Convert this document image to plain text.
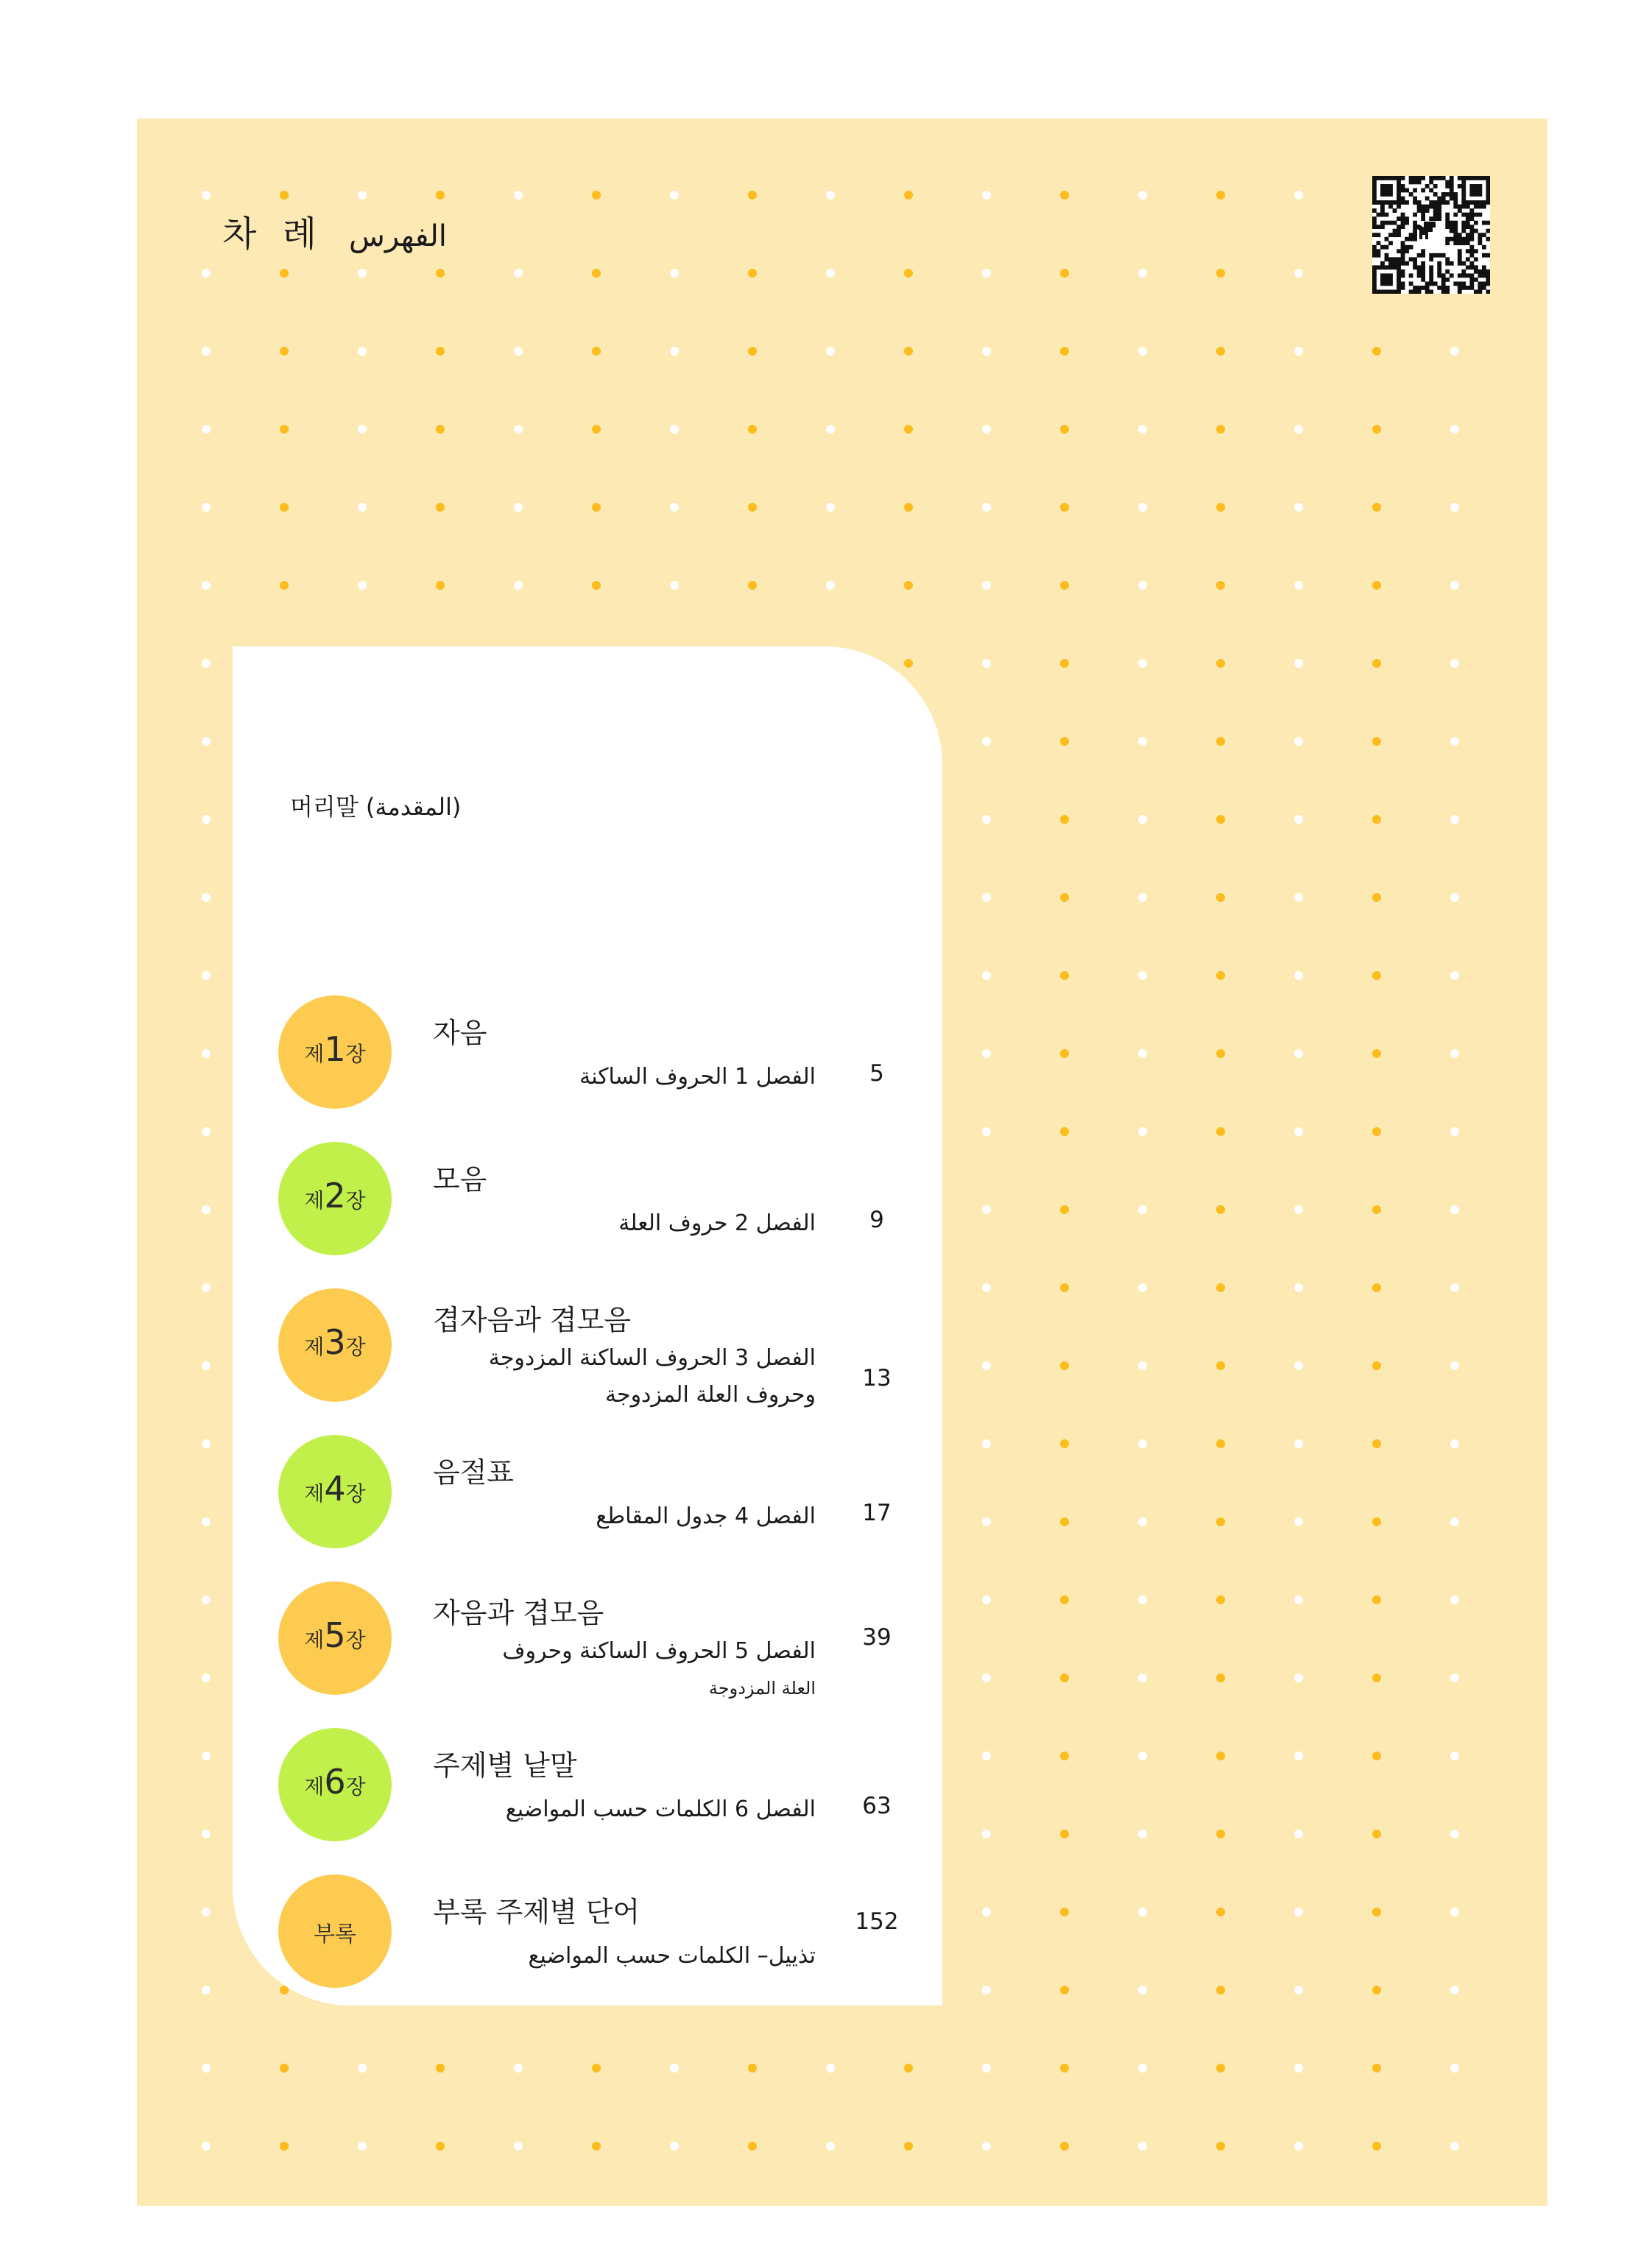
차 례 الفهرس
머리말 (المقدمة)
제 1 장
자음
الفصل 1 الحروف الساكنة	5
제 2 장
모음
الفصل 2 حروف العلة	9
제 3 장
겹자음과 겹모음
الفصل 3 الحروف الساكنة المزدوجة
وحروف العلة المزدوجة
13
제 4 장
음절표
الفصل 4 جدول المقاطع	17
제 5 장
자음과 겹모음
الفصل 5 الحروف الساكنة وحروف
العلة المزدوجة
39
제 6 장
주제별 낱말
الفصل 6 الكلمات حسب المواضيع	63
부록
부록 주제별 단어
تذييل– الكلمات حسب المواضيع
152
